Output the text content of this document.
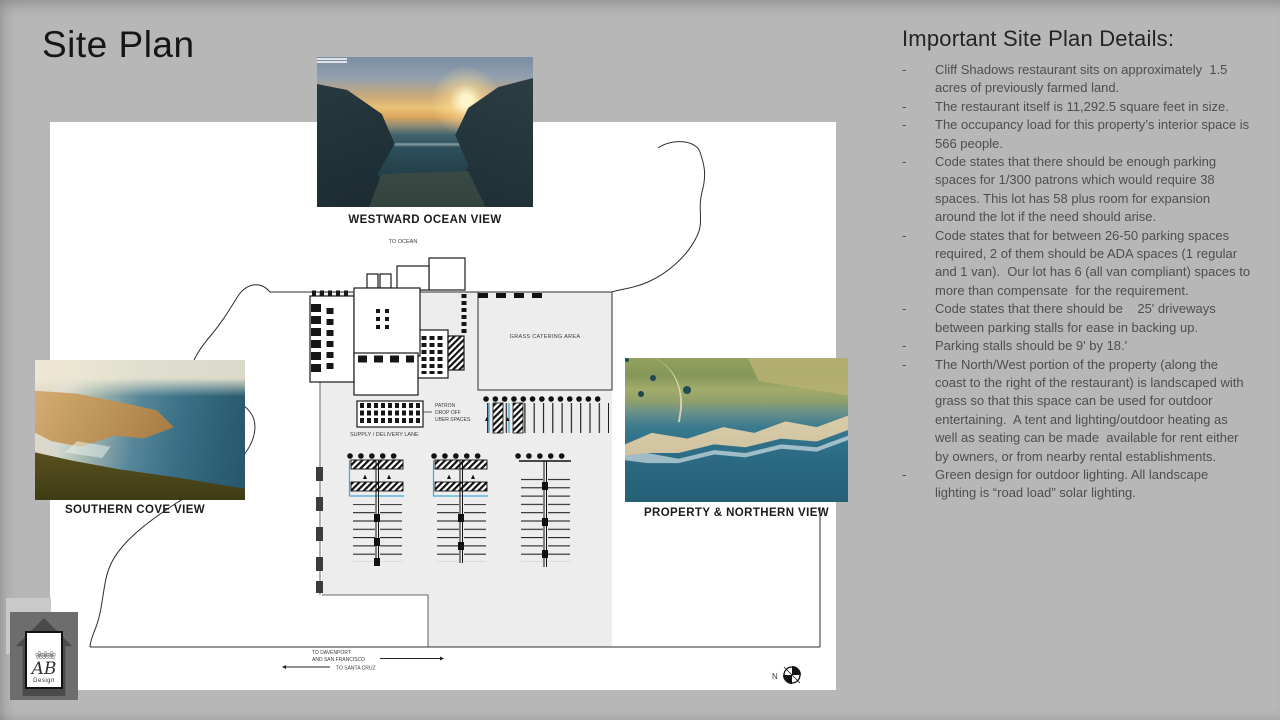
Site Plan
GRASS CATERING AREA
PATRON
DROP OFF
UBER SPACES
SUPPLY / DELIVERY LANE
TO OCEAN
TO DAVENPORT
AND SAN FRANCISCO
TO SANTA CRUZ
N
WESTWARD OCEAN VIEW
SOUTHERN COVE VIEW	PROPERTY & NORTHERN VIEW
Important Site Plan Details:
-
Cliff Shadows restaurant sits on approximately  1.5 acres of previously farmed land.
-
The restaurant itself is 11,292.5 square feet in size.
-
The occupancy load for this property’s interior space is 566 people.
-
Code states that there should be enough parking spaces for 1/300 patrons which would require 38 spaces. This lot has 58 plus room for expansion around the lot if the need should arise.
-
Code states that for between 26-50 parking spaces required, 2 of them should be ADA spaces (1 regular and 1 van).  Our lot has 6 (all van compliant) spaces to more than compensate  for the requirement.
-
Code states that there should be    25' driveways between parking stalls for ease in backing up.
-
Parking stalls should be 9' by 18.'
-
The North/West portion of the property (along the coast to the right of the restaurant) is landscaped with grass so that this space can be used for outdoor entertaining.  A tent and lighting/outdoor heating as well as seating can be made  available for rent either by owners, or from nearby rental establishments.
-
Green design for outdoor lighting. All landscape lighting is “road load” solar lighting.
❀❀❀
AB
Design
